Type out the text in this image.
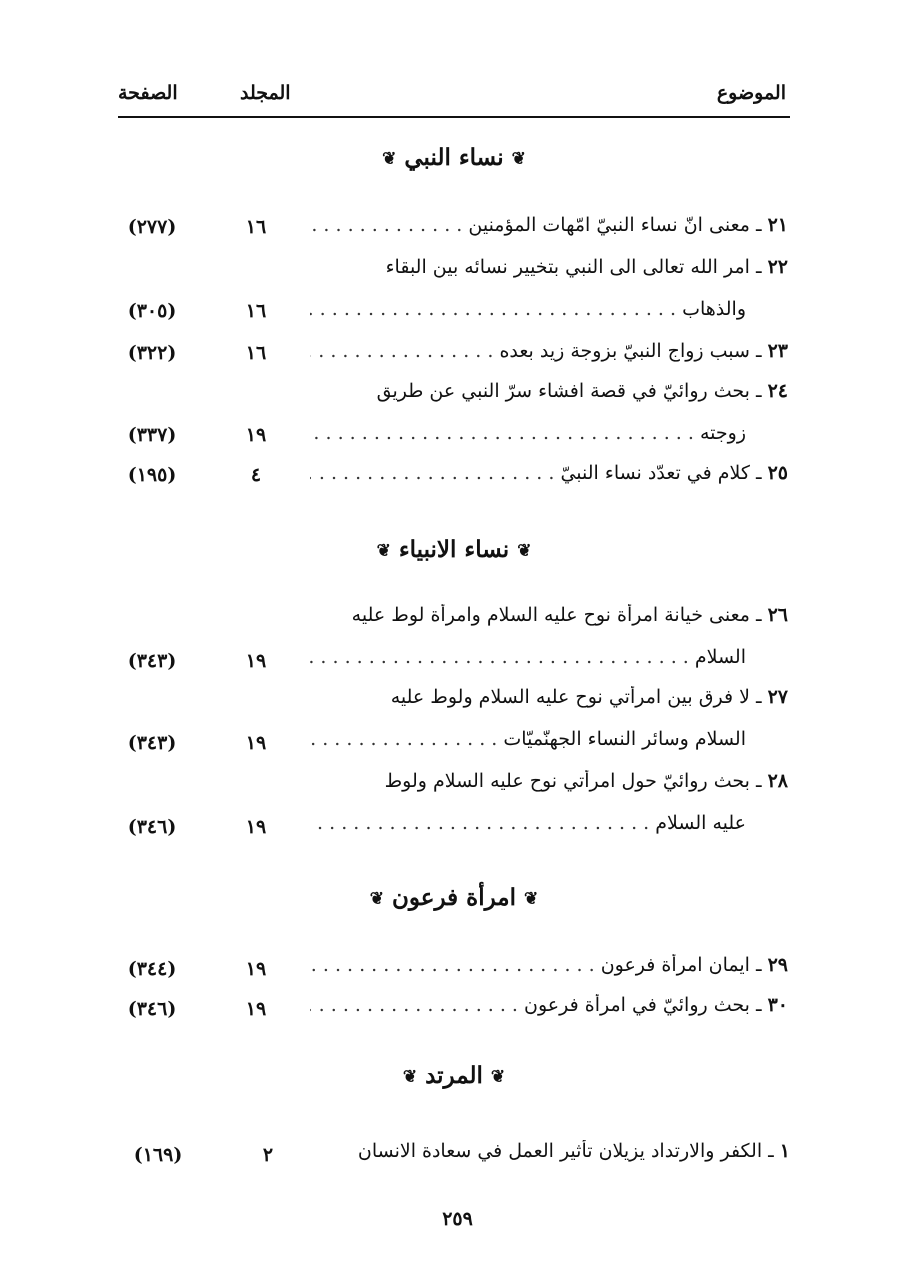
الموضوع
المجلد
الصفحة
❦نساء النبي❦
٢١ ـ معنى انّ نساء النبيّ امّهات المؤمنين . . .
١٦
(٢٧٧)
٢٢ ـ امر الله تعالى الى النبي بتخيير نسائه بين البقاء
والذهاب . . .
١٦
(٣٠٥)
٢٣ ـ سبب زواج النبيّ بزوجة زيد بعده . . .
١٦
(٣٢٢)
٢٤ ـ بحث روائيّ في قصة افشاء سرّ النبي عن طريق
زوجته . . .
١٩
(٣٣٧)
٢٥ ـ كلام في تعدّد نساء النبيّ . . .
٤
(١٩٥)
❦نساء الانبياء❦
٢٦ ـ معنى خيانة امرأة نوح عليه السلام وامرأة لوط عليه
السلام . . .
١٩
(٣٤٣)
٢٧ ـ لا فرق بين امرأتي نوح عليه السلام ولوط عليه
السلام وسائر النساء الجهنّميّات . . .
١٩
(٣٤٣)
٢٨ ـ بحث روائيّ حول امرأتي نوح عليه السلام ولوط
عليه السلام . . .
١٩
(٣٤٦)
❦امرأة فرعون❦
٢٩ ـ ايمان امرأة فرعون . . .
١٩
(٣٤٤)
٣٠ ـ بحث روائيّ في امرأة فرعون . . .
١٩
(٣٤٦)
❦المرتد❦
١ ـ الكفر والارتداد يزيلان تأثير العمل في سعادة الانسان
٢
(١٦٩)
٢٥٩
